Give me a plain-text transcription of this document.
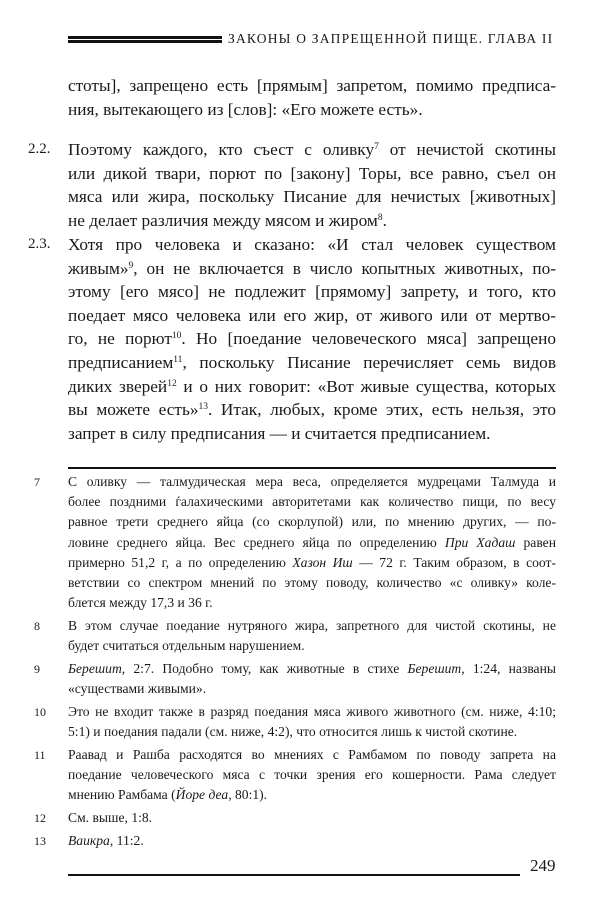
ЗАКОНЫ О ЗАПРЕЩЕННОЙ ПИЩЕ. ГЛАВА II
стоты], запрещено есть [прямым] запретом, помимо предписа-
ния, вытекающего из [слов]: «Его можете есть».
2.2. Поэтому каждого, кто съест с оливку$^7$ от нечистой скотины
или дикой твари, порют по [закону] Торы, все равно, съел он
мяса или жира, поскольку Писание для нечистых [животных]
не делает различия между мясом и жиром$^8$.
2.3. Хотя про человека и сказано: «И стал человек существом
живым»$^9$, он не включается в число копытных животных, по-
этому [его мясо] не подлежит [прямому] запрету, и того, кто
поедает мясо человека или его жир, от живого или от мертво-
го, не порют$^{10}$. Но [поедание человеческого мяса] запрещено
предписанием$^{11}$, поскольку Писание перечисляет семь видов
диких зверей$^{12}$ и о них говорит: «Вот живые существа, которых
вы можете есть»$^{13}$. Итак, любых, кроме этих, есть нельзя, это
запрет в силу предписания — и считается предписанием.
7 С оливку — талмудическая мера веса, определяется мудрецами Талмуда и
более поздними ѓалахическими авторитетами как количество пищи, по весу
равное трети среднего яйца (со скорлупой) или, по мнению других, — по-
ловине среднего яйца. Вес среднего яйца по определению При Хадаш равен
примерно 51,2 г, а по определению Хазон Иш — 72 г. Таким образом, в соот-
ветствии со спектром мнений по этому поводу, количество «с оливку» коле-
блется между 17,3 и 36 г.
8 В этом случае поедание нутряного жира, запретного для чистой скотины, не
будет считаться отдельным нарушением.
9 Берешит, 2:7. Подобно тому, как животные в стихе Берешит, 1:24, названы
«существами живыми».
10 Это не входит также в разряд поедания мяса живого животного (см. ниже, 4:10;
5:1) и поедания падали (см. ниже, 4:2), что относится лишь к чистой скотине.
11 Раавад и Рашба расходятся во мнениях с Рамбамом по поводу запрета на
поедание человеческого мяса с точки зрения его кошерности. Рама следует
мнению Рамбама (Йоре деа, 80:1).
12 См. выше, 1:8.
13 Ваикра, 11:2.
249
